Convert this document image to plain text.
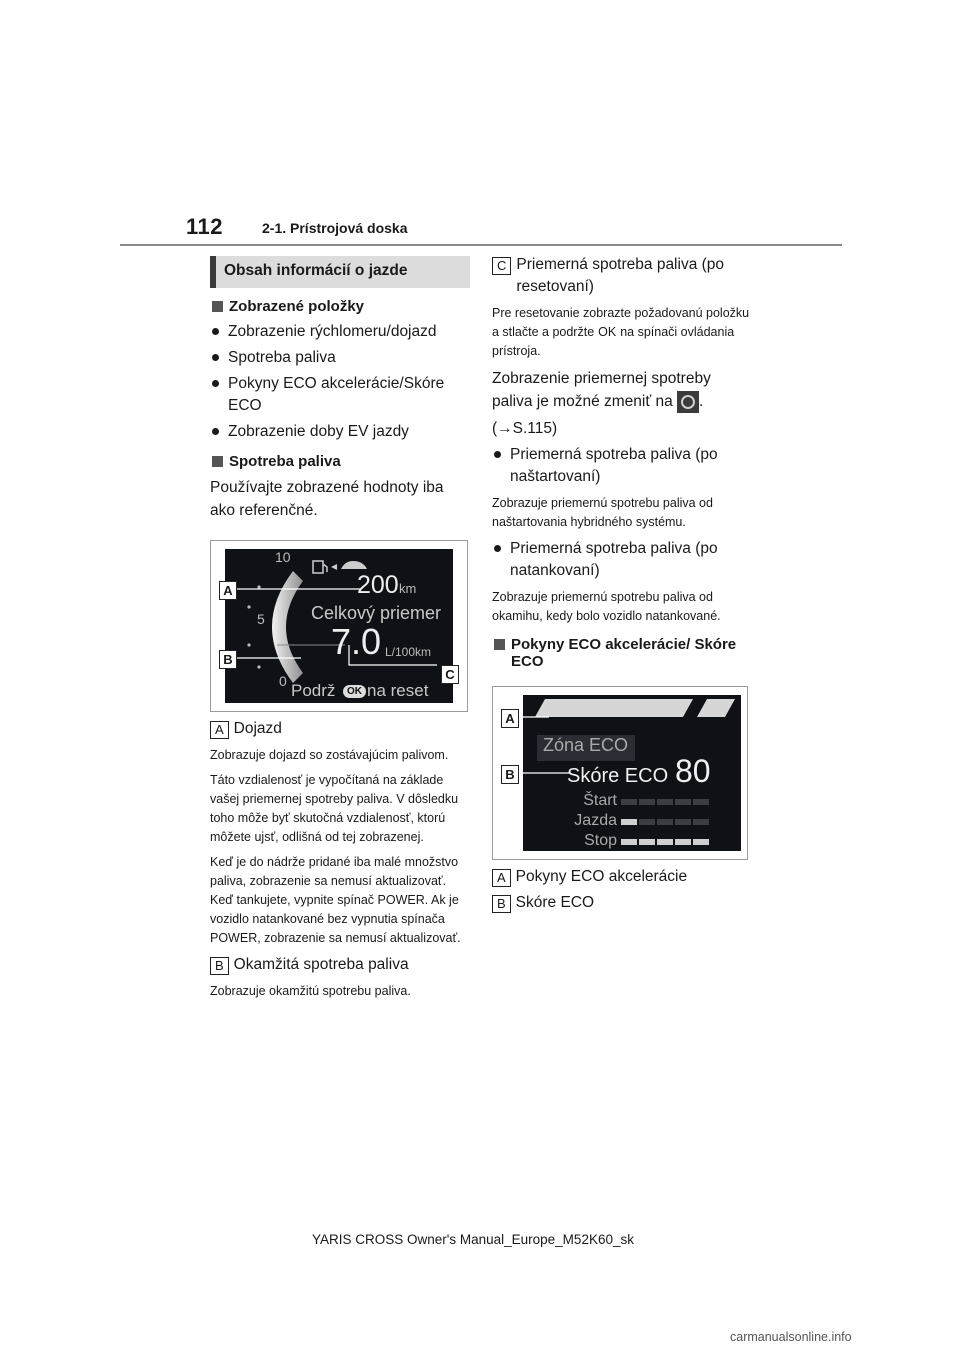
112	2-1. Prístrojová doska
Obsah informácií o jazde
Zobrazené položky
Zobrazenie rýchlomeru/dojazd
Spotreba paliva
Pokyny ECO akcelerácie/Skóre ECO
Zobrazenie doby EV jazdy
Spotreba paliva
Používajte zobrazené hodnoty iba ako referenčné.
10
5
0
200 km
Celkový priemer
7.0 L/100km
Podrž	OK na reset
A
B
C
A Dojazd
Zobrazuje dojazd so zostávajúcim palivom.
Táto vzdialenosť je vypočítaná na základe vašej priemernej spotreby paliva. V dôsledku toho môže byť skutočná vzdialenosť, ktorú môžete ujsť, odlišná od tej zobrazenej.
Keď je do nádrže pridané iba malé množstvo paliva, zobrazenie sa nemusí aktualizovať. Keď tankujete, vypnite spínač POWER. Ak je vozidlo natankované bez vypnutia spínača POWER, zobrazenie sa nemusí aktualizovať.
B Okamžitá spotreba paliva
Zobrazuje okamžitú spotrebu paliva.
C Priemerná spotreba paliva (po resetovaní)
Pre resetovanie zobrazte požadovanú položku a stlačte a podržte OK na spínači ovládania prístroja.
Zobrazenie priemernej spotreby paliva je možné zmeniť na .
(→S.115)
Priemerná spotreba paliva (po naštartovaní)
Zobrazuje priemernú spotrebu paliva od naštartovania hybridného systému.
Priemerná spotreba paliva (po natankovaní)
Zobrazuje priemernú spotrebu paliva od okamihu, kedy bolo vozidlo natankované.
Pokyny ECO akcelerácie/ Skóre ECO
Zóna ECO
Skóre ECO 80
Štart
Jazda
Stop
A
B
A Pokyny ECO akcelerácie
B Skóre ECO
YARIS CROSS Owner's Manual_Europe_M52K60_sk
carmanualsonline.info
